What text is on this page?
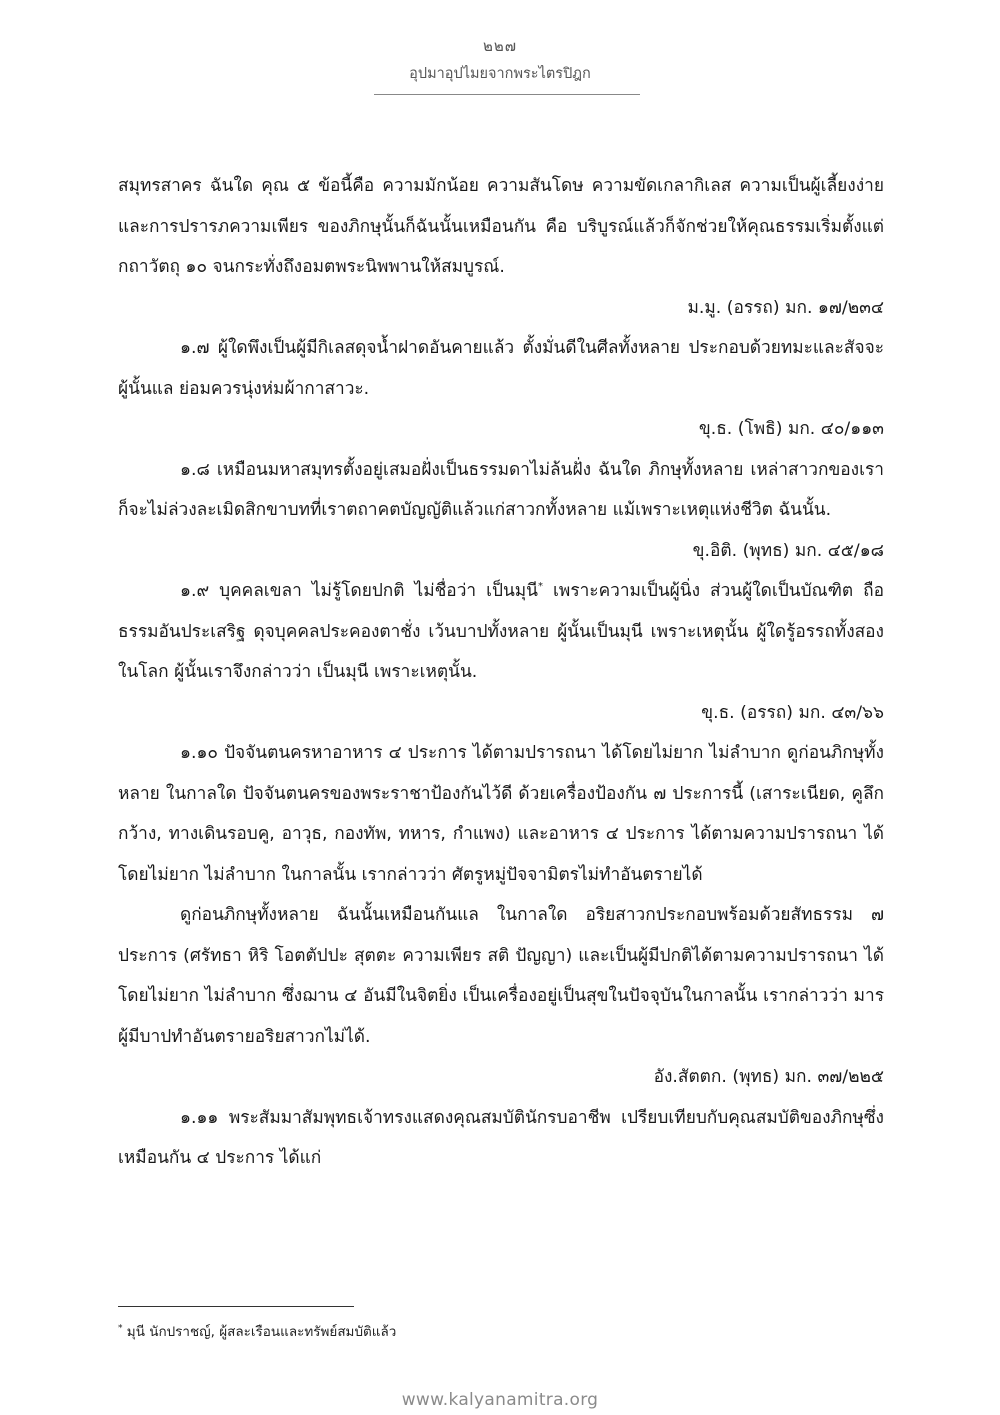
๒๒๗
อุปมาอุปไมยจากพระไตรปิฎก

สมุทรสาคร ฉันใด คุณ ๕ ข้อนี้คือ ความมักน้อย ความสันโดษ ความขัดเกลากิเลส ความเป็นผู้เลี้ยงง่าย และการปรารภความเพียร ของภิกษุนั้นก็ฉันนั้นเหมือนกัน คือ บริบูรณ์แล้วก็จักช่วยให้คุณธรรมเริ่มตั้งแต่กถาวัตถุ ๑๐ จนกระทั่งถึงอมตพระนิพพานให้สมบูรณ์.

ม.มู. (อรรถ) มก. ๑๗/๒๓๔

๑.๗ ผู้ใดพึงเป็นผู้มีกิเลสดุจน้ำฝาดอันคายแล้ว ตั้งมั่นดีในศีลทั้งหลาย ประกอบด้วยทมะและสัจจะ ผู้นั้นแล ย่อมควรนุ่งห่มผ้ากาสาวะ.

ขุ.ธ. (โพธิ) มก. ๔๐/๑๑๓

๑.๘ เหมือนมหาสมุทรตั้งอยู่เสมอฝั่งเป็นธรรมดาไม่ล้นฝั่ง ฉันใด ภิกษุทั้งหลาย เหล่าสาวกของเราก็จะไม่ล่วงละเมิดสิกขาบทที่เราตถาคตบัญญัติแล้วแก่สาวกทั้งหลาย แม้เพราะเหตุแห่งชีวิต ฉันนั้น.

ขุ.อิติ. (พุทธ) มก. ๔๕/๑๘

๑.๙ บุคคลเขลา ไม่รู้โดยปกติ ไม่ชื่อว่า เป็นมุนี* เพราะความเป็นผู้นิ่ง ส่วนผู้ใดเป็นบัณฑิต ถือธรรมอันประเสริฐ ดุจบุคคลประคองตาชั่ง เว้นบาปทั้งหลาย ผู้นั้นเป็นมุนี เพราะเหตุนั้น ผู้ใดรู้อรรถทั้งสองในโลก ผู้นั้นเราจึงกล่าวว่า เป็นมุนี เพราะเหตุนั้น.

ขุ.ธ. (อรรถ) มก. ๔๓/๖๖

๑.๑๐ ปัจจันตนครหาอาหาร ๔ ประการ ได้ตามปรารถนา ได้โดยไม่ยาก ไม่ลำบาก ดูก่อนภิกษุทั้งหลาย ในกาลใด ปัจจันตนครของพระราชาป้องกันไว้ดี ด้วยเครื่องป้องกัน ๗ ประการนี้ (เสาระเนียด, คูลึกกว้าง, ทางเดินรอบคู, อาวุธ, กองทัพ, ทหาร, กำแพง) และอาหาร ๔ ประการ ได้ตามความปรารถนา ได้โดยไม่ยาก ไม่ลำบาก ในกาลนั้น เรากล่าวว่า ศัตรูหมู่ปัจจามิตรไม่ทำอันตรายได้

ดูก่อนภิกษุทั้งหลาย ฉันนั้นเหมือนกันแล ในกาลใด อริยสาวกประกอบพร้อมด้วยสัทธรรม ๗ ประการ (ศรัทธา หิริ โอตตัปปะ สุตตะ ความเพียร สติ ปัญญา) และเป็นผู้มีปกติได้ตามความปรารถนา ได้โดยไม่ยาก ไม่ลำบาก ซึ่งฌาน ๔ อันมีในจิตยิ่ง เป็นเครื่องอยู่เป็นสุขในปัจจุบันในกาลนั้น เรากล่าวว่า มารผู้มีบาปทำอันตรายอริยสาวกไม่ได้.

อัง.สัตตก. (พุทธ) มก. ๓๗/๒๒๕

๑.๑๑ พระสัมมาสัมพุทธเจ้าทรงแสดงคุณสมบัตินักรบอาชีพ เปรียบเทียบกับคุณสมบัติของภิกษุซึ่งเหมือนกัน ๔ ประการ ได้แก่

* มุนี นักปราชญ์, ผู้สละเรือนและทรัพย์สมบัติแล้ว
www.kalyanamitra.org
